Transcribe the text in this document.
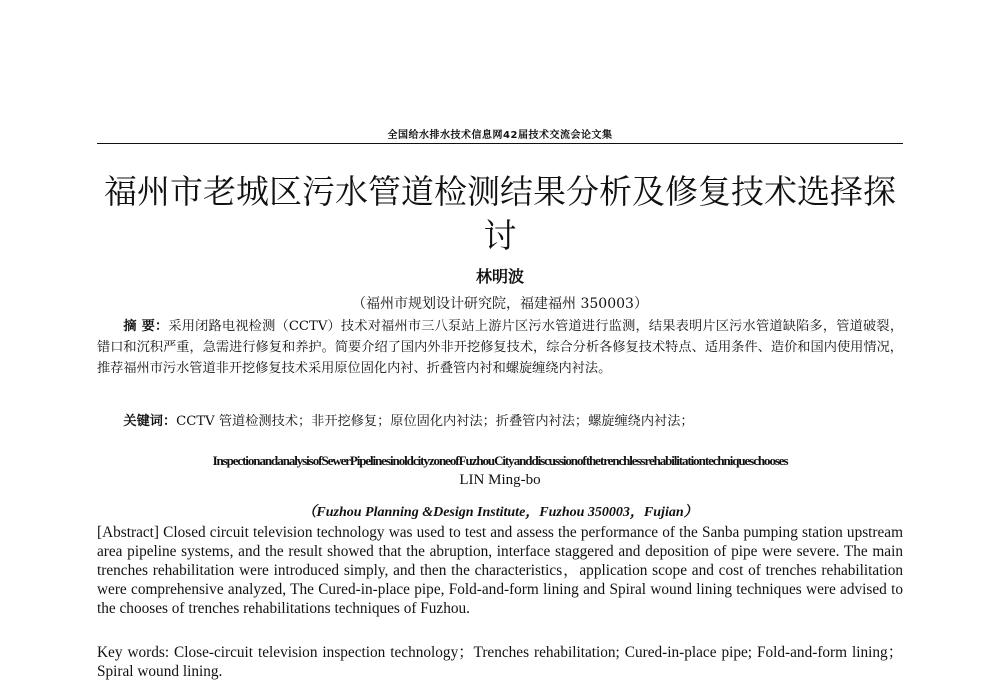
全国给水排水技术信息网42届技术交流会论文集
福州市老城区污水管道检测结果分析及修复技术选择探讨
林明波
（福州市规划设计研究院，福建福州 350003）
摘 要：采用闭路电视检测（CCTV）技术对福州市三八泵站上游片区污水管道进行监测，结果表明片区污水管道缺陷多，管道破裂，错口和沉积严重，急需进行修复和养护。简要介绍了国内外非开挖修复技术，综合分析各修复技术特点、适用条件、造价和国内使用情况，推荐福州市污水管道非开挖修复技术采用原位固化内衬、折叠管内衬和螺旋缠绕内衬法。
关键词：CCTV 管道检测技术；非开挖修复；原位固化内衬法；折叠管内衬法；螺旋缠绕内衬法；
Inspection and analysis of Sewer Pipelines in old city zone of Fuzhou City and discussion of the trenchless rehabilitation techniques chooses
LIN Ming-bo
（Fuzhou Planning &Design Institute，Fuzhou 350003，Fujian）
[Abstract] Closed circuit television technology was used to test and assess the performance of the Sanba pumping station upstream area pipeline systems, and the result showed that the abruption, interface staggered and deposition of pipe were severe. The main trenches rehabilitation were introduced simply, and then the characteristics，application scope and cost of trenches rehabilitation were comprehensive analyzed, The Cured-in-place pipe, Fold-and-form lining and Spiral wound lining techniques were advised to the chooses of trenches rehabilitations techniques of Fuzhou.
Key words: Close-circuit television inspection technology；Trenches rehabilitation; Cured-in-place pipe; Fold-and-form lining；Spiral wound lining.
